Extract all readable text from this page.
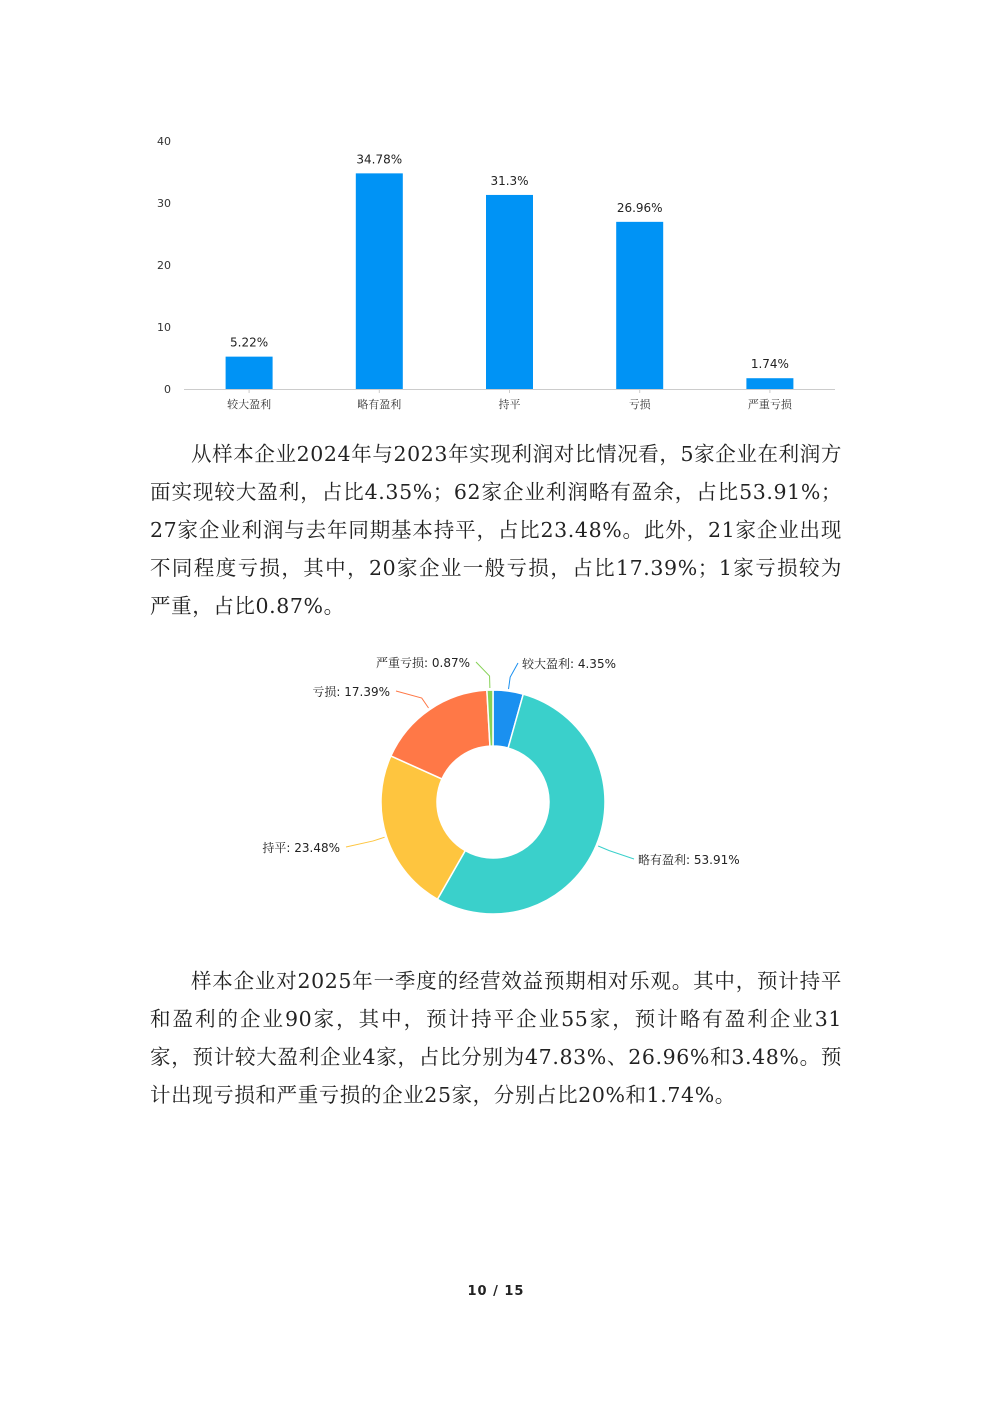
0
10
20
30
40
5.22%
较大盈利
34.78%
略有盈利
31.3%
持平
26.96%
亏损
1.74%
严重亏损

从样本企业2024年与2023年实现利润对比情况看，5家企业在利润方面实现较大盈利，占比4.35%；62家企业利润略有盈余，占比53.91%；27家企业利润与去年同期基本持平，占比23.48%。此外，21家企业出现不同程度亏损，其中，20家企业一般亏损，占比17.39%；1家亏损较为严重，占比0.87%。

较大盈利: 4.35%
略有盈利: 53.91%
持平: 23.48%
亏损: 17.39%
严重亏损: 0.87%

样本企业对2025年一季度的经营效益预期相对乐观。其中，预计持平和盈利的企业90家，其中，预计持平企业55家，预计略有盈利企业31家，预计较大盈利企业4家，占比分别为47.83%、26.96%和3.48%。预计出现亏损和严重亏损的企业25家，分别占比20%和1.74%。

10 / 15
